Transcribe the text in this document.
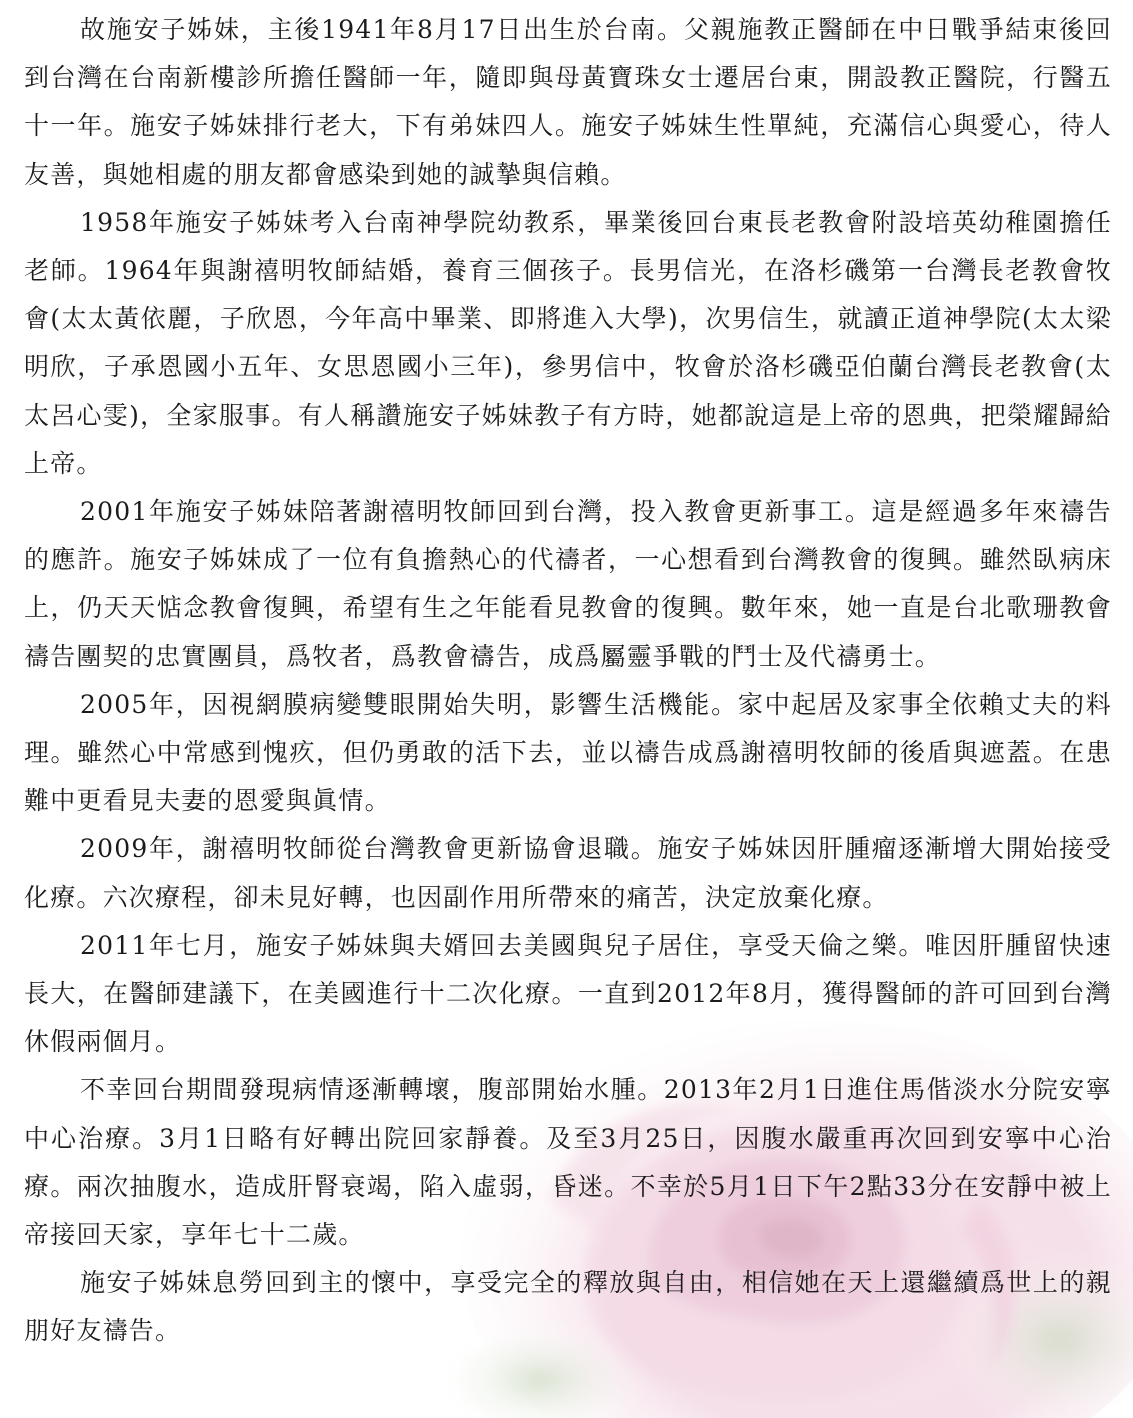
故施安子姊妹，主後1941年8月17日出生於台南。父親施教正醫師在中日戰爭結束後回到台灣在台南新樓診所擔任醫師一年，隨即與母黃寶珠女士遷居台東，開設教正醫院，行醫五十一年。施安子姊妹排行老大，下有弟妹四人。施安子姊妹生性單純，充滿信心與愛心，待人友善，與她相處的朋友都會感染到她的誠摯與信賴。

1958年施安子姊妹考入台南神學院幼教系，畢業後回台東長老教會附設培英幼稚園擔任老師。1964年與謝禧明牧師結婚，養育三個孩子。長男信光，在洛杉磯第一台灣長老教會牧會(太太黃依麗，子欣恩，今年高中畢業、即將進入大學)，次男信生，就讀正道神學院(太太梁明欣，子承恩國小五年、女思恩國小三年)，參男信中，牧會於洛杉磯亞伯蘭台灣長老教會(太太呂心雯)，全家服事。有人稱讚施安子姊妹教子有方時，她都說這是上帝的恩典，把榮耀歸給上帝。

2001年施安子姊妹陪著謝禧明牧師回到台灣，投入教會更新事工。這是經過多年來禱告的應許。施安子姊妹成了一位有負擔熱心的代禱者，一心想看到台灣教會的復興。雖然臥病床上，仍天天惦念教會復興，希望有生之年能看見教會的復興。數年來，她一直是台北歌珊教會禱告團契的忠實團員，爲牧者，爲教會禱告，成爲屬靈爭戰的鬥士及代禱勇士。

2005年，因視網膜病變雙眼開始失明，影響生活機能。家中起居及家事全依賴丈夫的料理。雖然心中常感到愧疚，但仍勇敢的活下去，並以禱告成爲謝禧明牧師的後盾與遮蓋。在患難中更看見夫妻的恩愛與眞情。

2009年，謝禧明牧師從台灣教會更新協會退職。施安子姊妹因肝腫瘤逐漸增大開始接受化療。六次療程，卻未見好轉，也因副作用所帶來的痛苦，決定放棄化療。

2011年七月，施安子姊妹與夫婿回去美國與兒子居住，享受天倫之樂。唯因肝腫留快速長大，在醫師建議下，在美國進行十二次化療。一直到2012年8月，獲得醫師的許可回到台灣休假兩個月。

不幸回台期間發現病情逐漸轉壞，腹部開始水腫。2013年2月1日進住馬偕淡水分院安寧中心治療。3月1日略有好轉出院回家靜養。及至3月25日，因腹水嚴重再次回到安寧中心治療。兩次抽腹水，造成肝腎衰竭，陷入虛弱，昏迷。不幸於5月1日下午2點33分在安靜中被上帝接回天家，享年七十二歲。

施安子姊妹息勞回到主的懷中，享受完全的釋放與自由，相信她在天上還繼續爲世上的親朋好友禱告。
